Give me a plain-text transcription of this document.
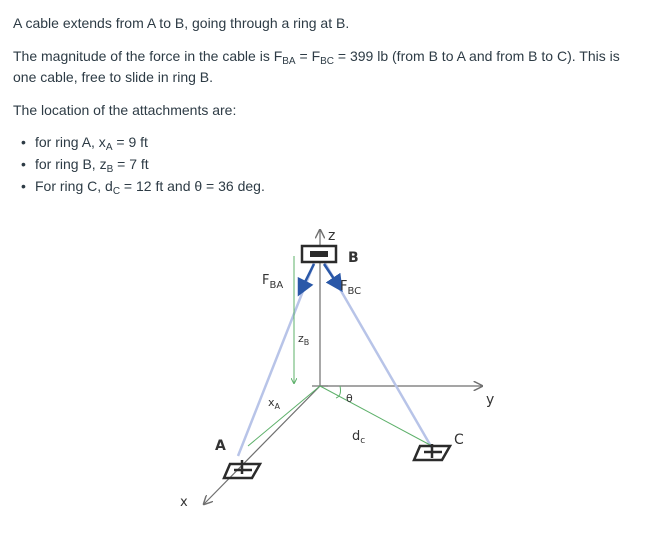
A cable extends from A to B, going through a ring at B.

The magnitude of the force in the cable is $F_{BA} = F_{BC} = 399$ lb (from B to A and from B to C). This is one cable, free to slide in ring B.

The location of the attachments are:

• for ring A, $x_A = 9$ ft
• for ring B, $z_B = 7$ ft
• For ring C, $d_C = 12$ ft and θ = 36 deg.
z
y
x
A
B
C
$F_{BA}$	$F_{BC}$
$z_B$
$x_A$
θ
$d_c$
